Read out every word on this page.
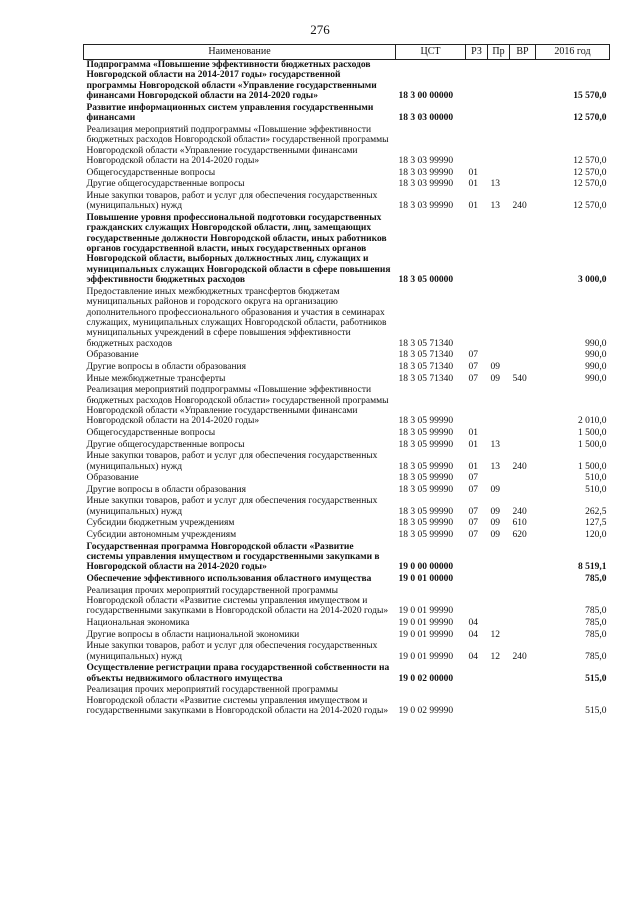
276
Наименование	ЦСТ	РЗ	Пр	ВР	2016 год
Подпрограмма «Повышение эффективности бюджетных расходов Новгородской области на 2014-2017 годы» государственной программы Новгородской области «Управление государственными финансами Новгородской области на 2014-2020 годы»	18 3 00 00000				15 570,0
Развитие информационных систем управления государственными финансами	18 3 03 00000				12 570,0
Реализация мероприятий подпрограммы «Повышение эффективности бюджетных расходов Новгородской области» государственной программы Новгородской области «Управление государственными финансами Новгородской области на 2014-2020 годы»	18 3 03 99990				12 570,0
Общегосударственные вопросы	18 3 03 99990	01			12 570,0
Другие общегосударственные вопросы	18 3 03 99990	01	13		12 570,0
Иные закупки товаров, работ и услуг для обеспечения государственных (муниципальных) нужд	18 3 03 99990	01	13	240	12 570,0
Повышение уровня профессиональной подготовки государственных гражданских служащих Новгородской области, лиц, замещающих государственные должности Новгородской области, иных работников органов государственной власти, иных государственных органов Новгородской области, выборных должностных лиц, служащих и муниципальных служащих Новгородской области в сфере повышения эффективности бюджетных расходов	18 3 05 00000				3 000,0
Предоставление иных межбюджетных трансфертов бюджетам муниципальных районов и городского округа на организацию дополнительного профессионального образования и участия в семинарах служащих, муниципальных служащих Новгородской области, работников муниципальных учреждений в сфере повышения эффективности бюджетных расходов	18 3 05 71340				990,0
Образование	18 3 05 71340	07			990,0
Другие вопросы в области образования	18 3 05 71340	07	09		990,0
Иные межбюджетные трансферты	18 3 05 71340	07	09	540	990,0
Реализация мероприятий подпрограммы «Повышение эффективности бюджетных расходов Новгородской области» государственной программы Новгородской области «Управление государственными финансами Новгородской области на 2014-2020 годы»	18 3 05 99990				2 010,0
Общегосударственные вопросы	18 3 05 99990	01			1 500,0
Другие общегосударственные вопросы	18 3 05 99990	01	13		1 500,0
Иные закупки товаров, работ и услуг для обеспечения государственных (муниципальных) нужд	18 3 05 99990	01	13	240	1 500,0
Образование	18 3 05 99990	07			510,0
Другие вопросы в области образования	18 3 05 99990	07	09		510,0
Иные закупки товаров, работ и услуг для обеспечения государственных (муниципальных) нужд	18 3 05 99990	07	09	240	262,5
Субсидии бюджетным учреждениям	18 3 05 99990	07	09	610	127,5
Субсидии автономным учреждениям	18 3 05 99990	07	09	620	120,0
Государственная программа Новгородской области «Развитие системы управления имуществом и государственными закупками в Новгородской области на 2014-2020 годы»	19 0 00 00000				8 519,1
Обеспечение эффективного использования областного имущества	19 0 01 00000				785,0
Реализация прочих мероприятий государственной программы Новгородской области «Развитие системы управления имуществом и государственными закупками в Новгородской области на 2014-2020 годы»	19 0 01 99990				785,0
Национальная экономика	19 0 01 99990	04			785,0
Другие вопросы в области национальной экономики	19 0 01 99990	04	12		785,0
Иные закупки товаров, работ и услуг для обеспечения государственных (муниципальных) нужд	19 0 01 99990	04	12	240	785,0
Осуществление регистрации права государственной собственности на объекты недвижимого областного имущества	19 0 02 00000				515,0
Реализация прочих мероприятий государственной программы Новгородской области «Развитие системы управления имуществом и государственными закупками в Новгородской области на 2014-2020 годы»	19 0 02 99990				515,0
